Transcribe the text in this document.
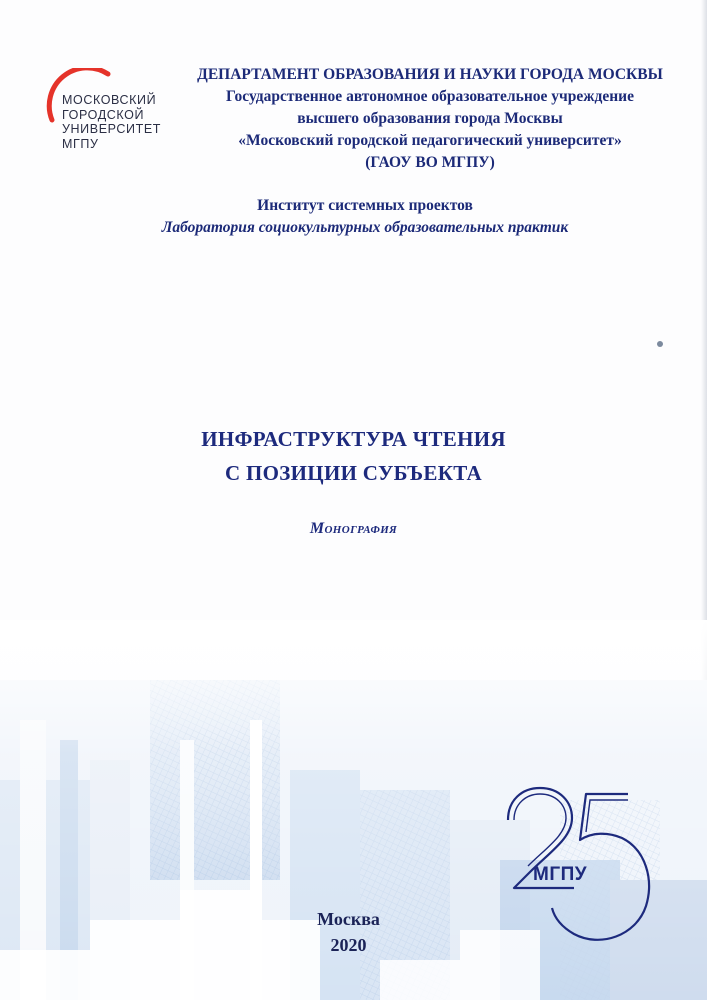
МОСКОВСКИЙ
ГОРОДСКОЙ
УНИВЕРСИТЕТ
МГПУ
ДЕПАРТАМЕНТ ОБРАЗОВАНИЯ И НАУКИ ГОРОДА МОСКВЫ
Государственное автономное образовательное учреждение
высшего образования города Москвы
«Московский городской педагогический университет»
(ГАОУ ВО МГПУ)
Институт системных проектов
Лаборатория социокультурных образовательных практик
ИНФРАСТРУКТУРА ЧТЕНИЯ
С ПОЗИЦИИ СУБЪЕКТА
Монография
МГПУ
Москва
2020
